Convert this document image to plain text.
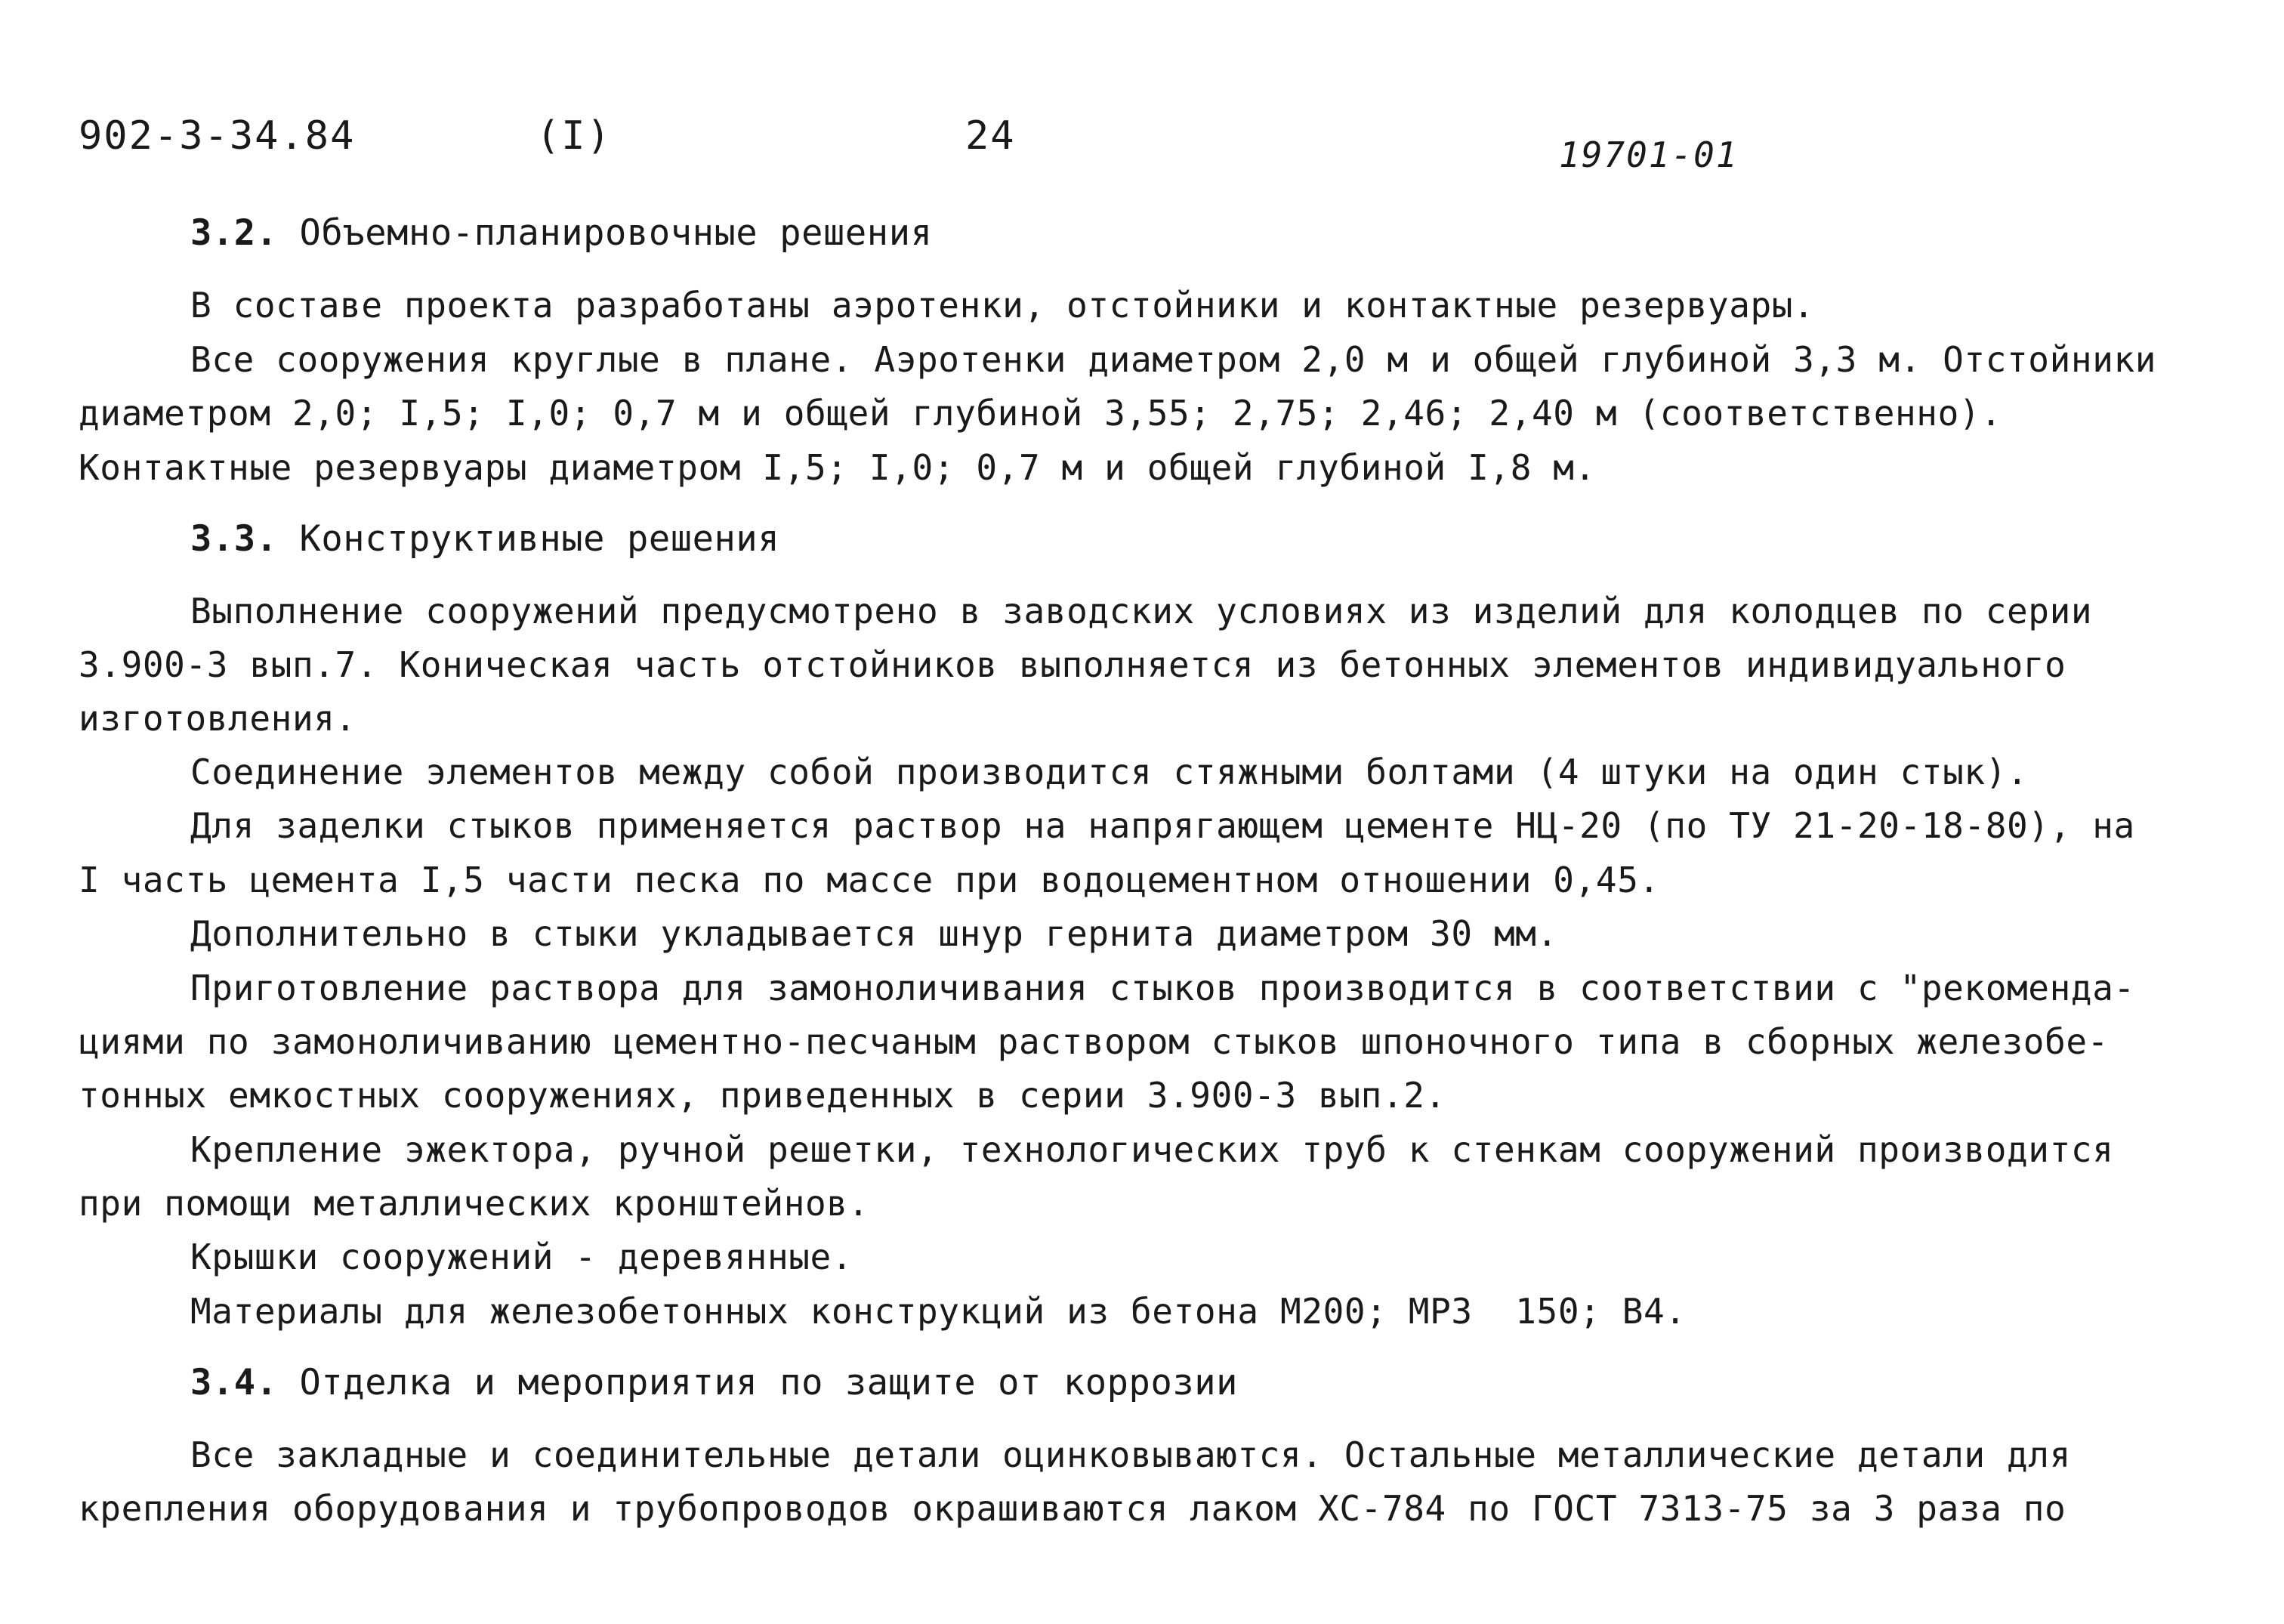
902-3-34.84	(I)	24	19701-01
3.2. Объемно-планировочные решения
В составе проекта разработаны аэротенки, отстойники и контактные резервуары.
Все сооружения круглые в плане. Аэротенки диаметром 2,0 м и общей глубиной 3,3 м. Отстойники
диаметром 2,0; I,5; I,0; 0,7 м и общей глубиной 3,55; 2,75; 2,46; 2,40 м (соответственно).
Контактные резервуары диаметром I,5; I,0; 0,7 м и общей глубиной I,8 м.
3.3. Конструктивные решения
Выполнение сооружений предусмотрено в заводских условиях из изделий для колодцев по серии
3.900-3 вып.7. Коническая часть отстойников выполняется из бетонных элементов индивидуального
изготовления.
Соединение элементов между собой производится стяжными болтами (4 штуки на один стык).
Для заделки стыков применяется раствор на напрягающем цементе НЦ-20 (по ТУ 21-20-18-80), на
I часть цемента I,5 части песка по массе при водоцементном отношении 0,45.
Дополнительно в стыки укладывается шнур гернита диаметром 30 мм.
Приготовление раствора для замоноличивания стыков производится в соответствии с "рекоменда-
циями по замоноличиванию цементно-песчаным раствором стыков шпоночного типа в сборных железобе-
тонных емкостных сооружениях, приведенных в серии 3.900-3 вып.2.
Крепление эжектора, ручной решетки, технологических труб к стенкам сооружений производится
при помощи металлических кронштейнов.
Крышки сооружений - деревянные.
Материалы для железобетонных конструкций из бетона М200; МРЗ  150; В4.
3.4. Отделка и мероприятия по защите от коррозии
Все закладные и соединительные детали оцинковываются. Остальные металлические детали для
крепления оборудования и трубопроводов окрашиваются лаком ХС-784 по ГОСТ 7313-75 за 3 раза по
